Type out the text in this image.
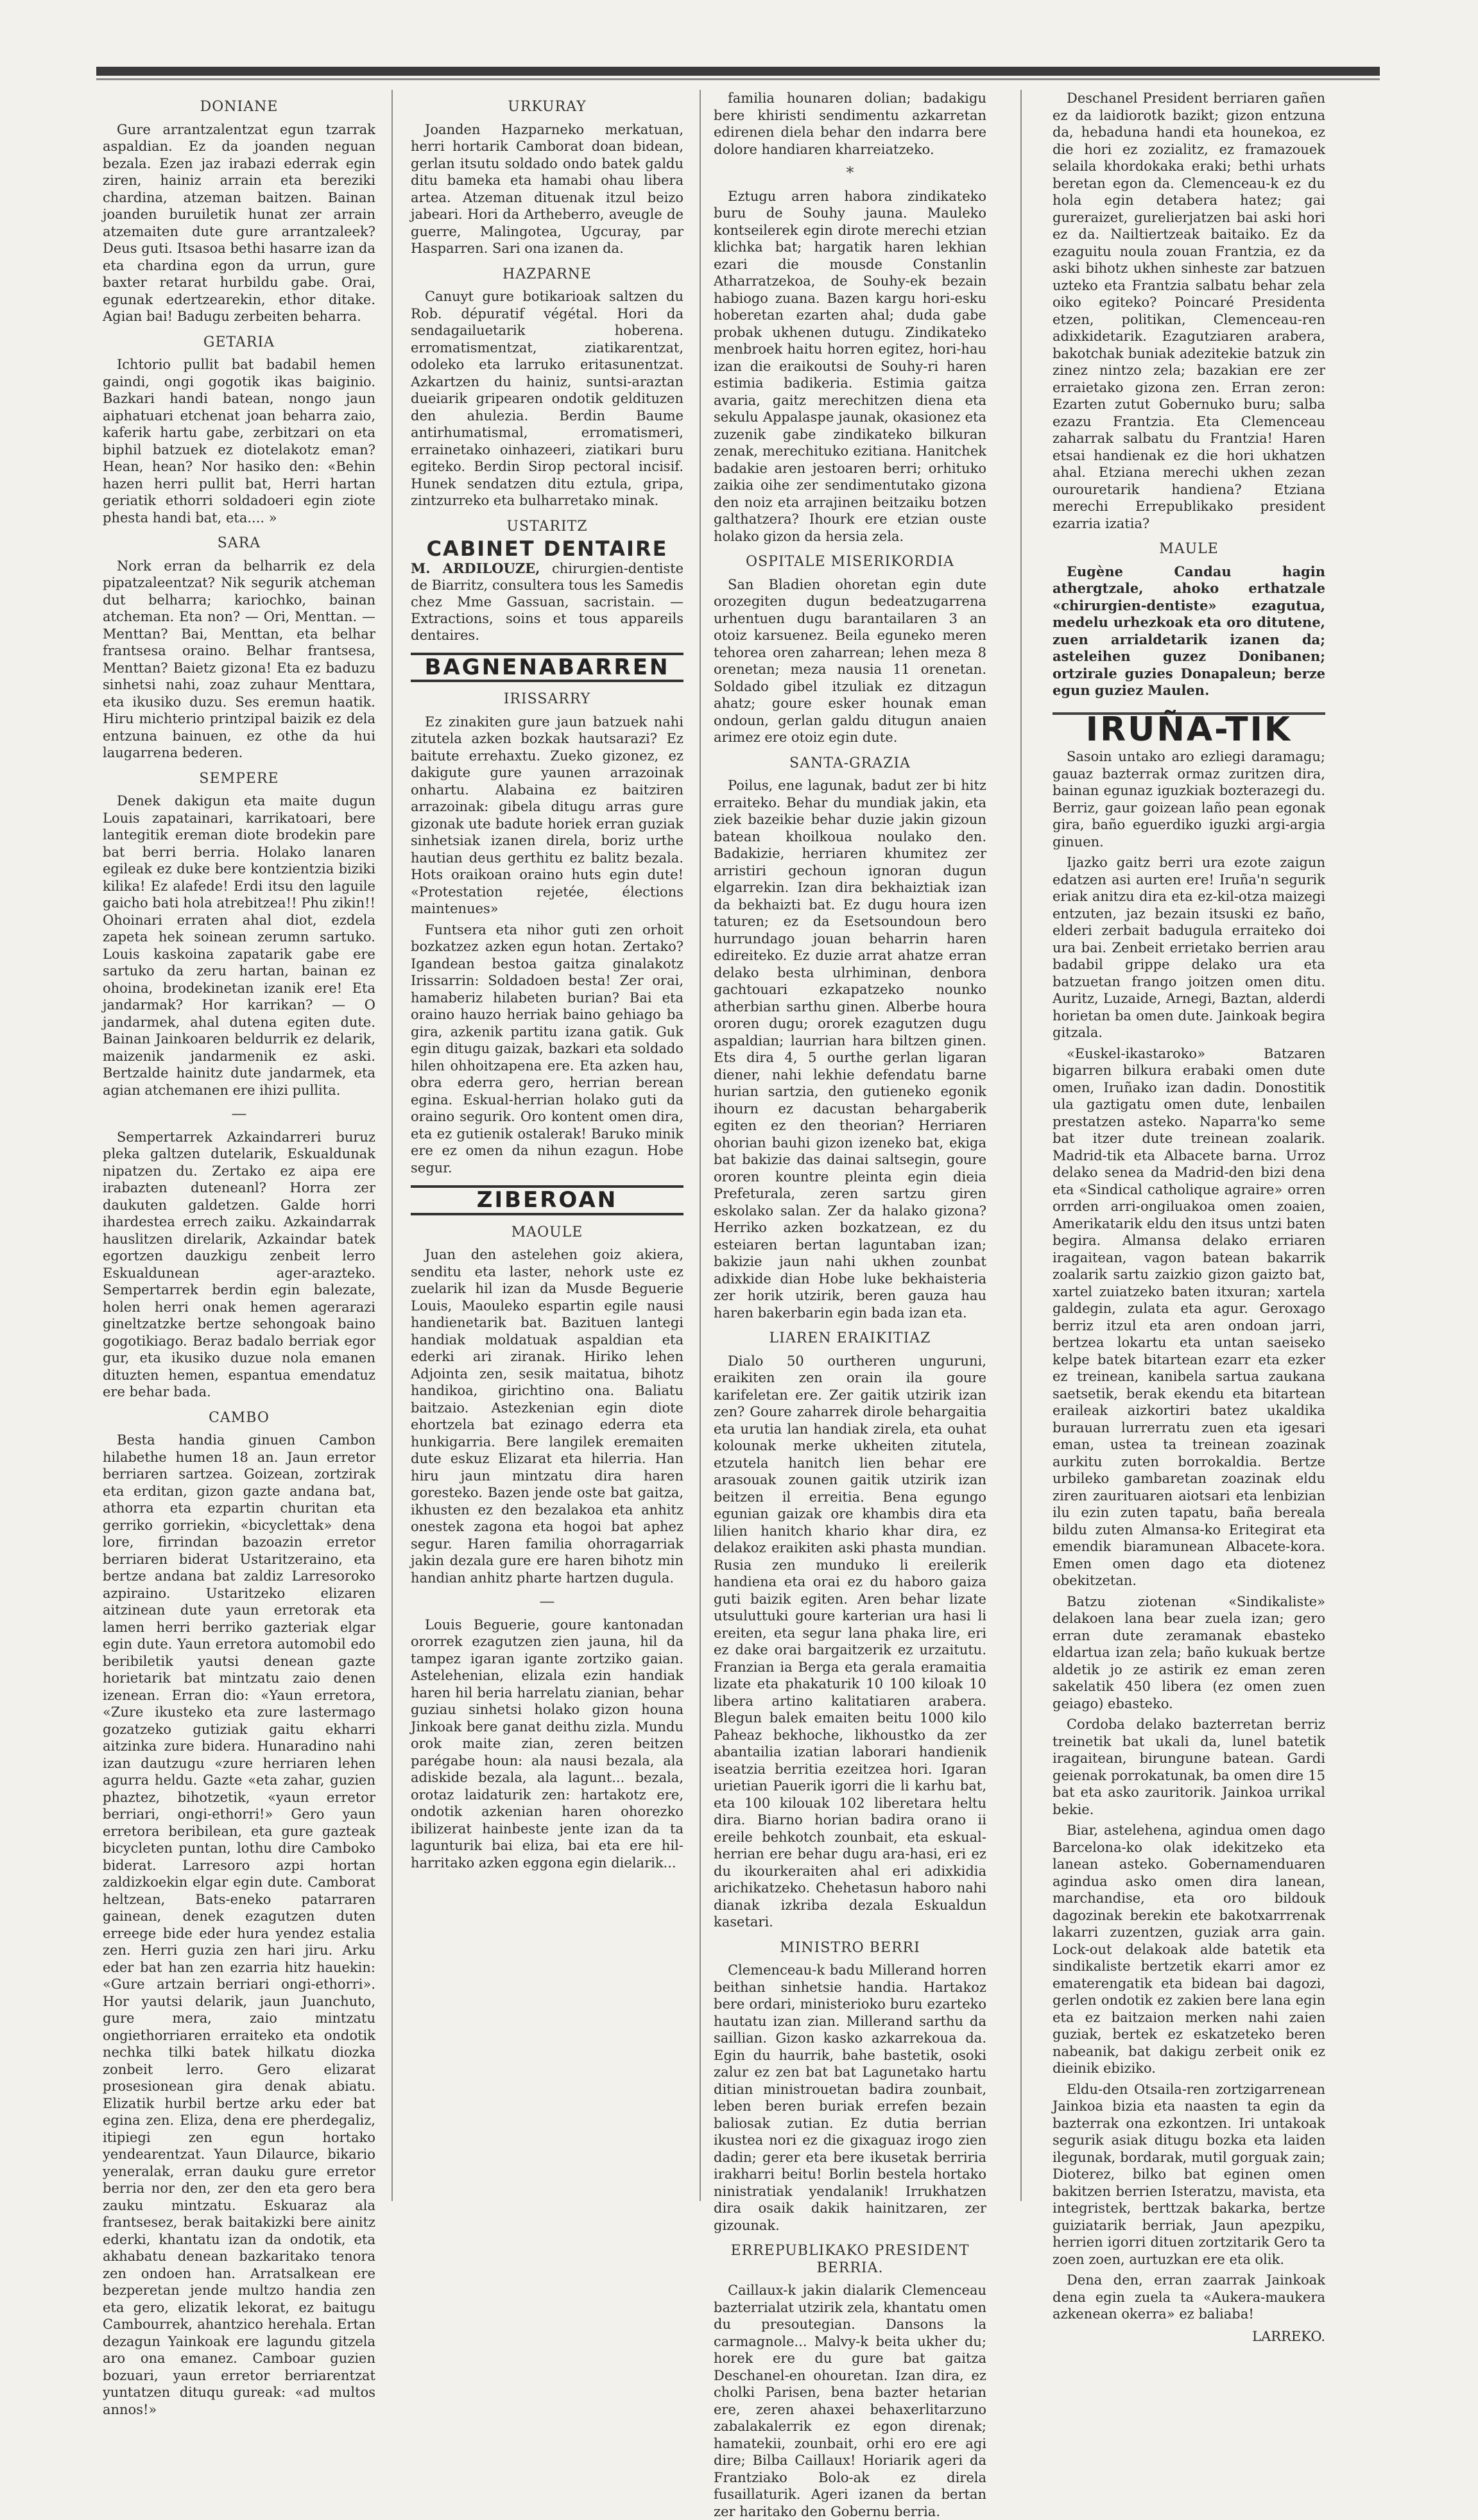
DONIANE
Gure arrantzalentzat egun tzarrak aspaldian. Ez da joanden neguan bezala. Ezen jaz irabazi ederrak egin ziren, hainiz arrain eta bereziki chardina, atzeman baitzen. Bainan joanden buruiletik hunat zer arrain atzemaiten dute gure arrantzaleek? Deus guti. Itsasoa bethi hasarre izan da eta chardina egon da urrun, gure baxter retarat hurbildu gabe. Orai, egunak edertzearekin, ethor ditake. Agian bai! Badugu zerbeiten beharra.
GETARIA
Ichtorio pullit bat badabil hemen gaindi, ongi gogotik ikas baiginio. Bazkari handi batean, nongo jaun aiphatuari etchenat joan beharra zaio, kaferik hartu gabe, zerbitzari on eta biphil batzuek ez diotelakotz eman? Hean, hean? Nor hasiko den: «Behin hazen herri pullit bat, Herri hartan geriatik ethorri soldadoeri egin ziote phesta handi bat, eta.... »
SARA
Nork erran da belharrik ez dela pipatzaleentzat? Nik segurik atcheman dut belharra; kariochko, bainan atcheman. Eta non? — Ori, Menttan. — Menttan? Bai, Menttan, eta belhar frantsesa oraino. Belhar frantsesa, Menttan? Baietz gizona! Eta ez baduzu sinhetsi nahi, zoaz zuhaur Menttara, eta ikusiko duzu. Ses eremun haatik. Hiru michterio printzipal baizik ez dela entzuna bainuen, ez othe da hui laugarrena bederen.
SEMPERE
Denek dakigun eta maite dugun Louis zapatainari, karrikatoari, bere lantegitik ereman diote brodekin pare bat berri berria. Holako lanaren egileak ez duke bere kontzientzia biziki kilika! Ez alafede! Erdi itsu den laguile gaicho bati hola atrebitzea!! Phu zikin!! Ohoinari erraten ahal diot, ezdela zapeta hek soinean zerumn sartuko. Louis kaskoina zapatarik gabe ere sartuko da zeru hartan, bainan ez ohoina, brodekinetan izanik ere! Eta jandarmak? Hor karrikan? — O jandarmek, ahal dutena egiten dute. Bainan Jainkoaren beldurrik ez delarik, maizenik jandarmenik ez aski. Bertzalde hainitz dute jandarmek, eta agian atchemanen ere ihizi pullita.
—
Sempertarrek Azkaindarreri buruz pleka galtzen dutelarik, Eskualdunak nipatzen du. Zertako ez aipa ere irabazten duteneanl? Horra zer daukuten galdetzen. Galde horri ihardestea errech zaiku. Azkaindarrak hauslitzen direlarik, Azkaindar batek egortzen dauzkigu zenbeit lerro Eskualdunean ager-arazteko. Sempertarrek berdin egin balezate, holen herri onak hemen agerarazi gineltzatzke bertze sehongoak baino gogotikiago. Beraz badalo berriak egor gur, eta ikusiko duzue nola emanen dituzten hemen, espantua emendatuz ere behar bada.
CAMBO
Besta handia ginuen Cambon hilabethe humen 18 an. Jaun erretor berriaren sartzea. Goizean, zortzirak eta erditan, gizon gazte andana bat, athorra eta ezpartin churitan eta gerriko gorriekin, «bicyclettak» dena lore, firrindan bazoazin erretor berriaren biderat Ustaritzeraino, eta bertze andana bat zaldiz Larresoroko azpiraino. Ustaritzeko elizaren aitzinean dute yaun erretorak eta lamen herri berriko gazteriak elgar egin dute. Yaun erretora automobil edo beribiletik yautsi denean gazte horietarik bat mintzatu zaio denen izenean. Erran dio: «Yaun erretora, «Zure ikusteko eta zure lastermago gozatzeko gutiziak gaitu ekharri aitzinka zure bidera. Hunaradino nahi izan dautzugu «zure herriaren lehen agurra heldu. Gazte «eta zahar, guzien phaztez, bihotzetik, «yaun erretor berriari, ongi-ethorri!» Gero yaun erretora beribilean, eta gure gazteak bicycleten puntan, lothu dire Camboko biderat. Larresoro azpi hortan zaldizkoekin elgar egin dute. Camborat heltzean, Bats-eneko patarraren gainean, denek ezagutzen duten erreege bide eder hura yendez estalia zen. Herri guzia zen hari jiru. Arku eder bat han zen ezarria hitz hauekin: «Gure artzain berriari ongi-ethorri». Hor yautsi delarik, jaun Juanchuto, gure mera, zaio mintzatu ongiethorriaren erraiteko eta ondotik nechka tilki batek hilkatu diozka zonbeit lerro. Gero elizarat prosesionean gira denak abiatu. Elizatik hurbil bertze arku eder bat egina zen. Eliza, dena ere pherdegaliz, itipiegi zen egun hortako yendearentzat. Yaun Dilaurce, bikario yeneralak, erran dauku gure erretor berria nor den, zer den eta gero bera zauku mintzatu. Eskuaraz ala frantsesez, berak baitakizki bere ainitz ederki, khantatu izan da ondotik, eta akhabatu denean bazkaritako tenora zen ondoen han. Arratsalkean ere bezperetan jende multzo handia zen eta gero, elizatik lekorat, ez baitugu Cambourrek, ahantzico herehala. Ertan dezagun Yainkoak ere lagundu gitzela aro ona emanez. Camboar guzien bozuari, yaun erretor berriarentzat yuntatzen dituqu gureak: «ad multos annos!»
URKURAY
Joanden Hazparneko merkatuan, herri hortarik Camborat doan bidean, gerlan itsutu soldado ondo batek galdu ditu bameka eta hamabi ohau libera artea. Atzeman dituenak itzul beizo jabeari. Hori da Artheberro, aveugle de guerre, Malingotea, Ugcuray, par Hasparren. Sari ona izanen da.
HAZPARNE
Canuyt gure botikarioak saltzen du Rob. dépuratif végétal. Hori da sendagailuetarik hoberena. erromatismentzat, ziatikarentzat, odoleko eta larruko eritasunentzat. Azkartzen du hainiz, suntsi-araztan dueiarik gripearen ondotik geldituzen den ahulezia. Berdin Baume antirhumatismal, erromatismeri, errainetako oinhazeeri, ziatikari buru egiteko. Berdin Sirop pectoral incisif. Hunek sendatzen ditu eztula, gripa, zintzurreko eta bulharretako minak.
USTARITZ
CABINET DENTAIRE
M. ARDILOUZE, chirurgien-dentiste de Biarritz, consultera tous les Samedis chez Mme Gassuan, sacristain. — Extractions, soins et tous appareils dentaires.
BAGNENABARREN
IRISSARRY
Ez zinakiten gure jaun batzuek nahi zitutela azken bozkak hautsarazi? Ez baitute errehaxtu. Zueko gizonez, ez dakigute gure yaunen arrazoinak onhartu. Alabaina ez baitziren arrazoinak: gibela ditugu arras gure gizonak ute badute horiek erran guziak sinhetsiak izanen direla, boriz urthe hautian deus gerthitu ez balitz bezala. Hots oraikoan oraino huts egin dute! «Protestation rejetée, élections maintenues»
Funtsera eta nihor guti zen orhoit bozkatzez azken egun hotan. Zertako? Igandean bestoa gaitza ginalakotz Irissarrin: Soldadoen besta! Zer orai, hamaberiz hilabeten burian? Bai eta oraino hauzo herriak baino gehiago ba gira, azkenik partitu izana gatik. Guk egin ditugu gaizak, bazkari eta soldado hilen ohhoitzapena ere. Eta azken hau, obra ederra gero, herrian berean egina. Eskual-herrian holako guti da oraino segurik. Oro kontent omen dira, eta ez gutienik ostalerak! Baruko minik ere ez omen da nihun ezagun. Hobe segur.
ZIBEROAN
MAOULE
Juan den astelehen goiz akiera, senditu eta laster, nehork uste ez zuelarik hil izan da Musde Beguerie Louis, Maouleko espartin egile nausi handienetarik bat. Bazituen lantegi handiak moldatuak aspaldian eta ederki ari ziranak. Hiriko lehen Adjointa zen, sesik maitatua, bihotz handikoa, girichtino ona. Baliatu baitzaio. Astezkenian egin diote ehortzela bat ezinago ederra eta hunkigarria. Bere langilek eremaiten dute eskuz Elizarat eta hilerria. Han hiru jaun mintzatu dira haren goresteko. Bazen jende oste bat gaitza, ikhusten ez den bezalakoa eta anhitz onestek zagona eta hogoi bat aphez segur. Haren familia ohorragarriak jakin dezala gure ere haren bihotz min handian anhitz pharte hartzen dugula.
—
Louis Beguerie, goure kantonadan ororrek ezagutzen zien jauna, hil da tampez igaran igante zortziko gaian. Astelehenian, elizala ezin handiak haren hil beria harrelatu zianian, behar guziau sinhetsi holako gizon houna Jinkoak bere ganat deithu zizla. Mundu orok maite zian, zeren beitzen parégabe houn: ala nausi bezala, ala adiskide bezala, ala lagunt... bezala, orotaz laidaturik zen: hartakotz ere, ondotik azkenian haren ohorezko ibilizerat hainbeste jente izan da ta lagunturik bai eliza, bai eta ere hil-harritako azken eggona egin dielarik...
familia hounaren dolian; badakigu bere khiristi sendimentu azkarretan edirenen diela behar den indarra bere dolore handiaren kharreiatzeko.
*
Eztugu arren habora zindikateko buru de Souhy jauna. Mauleko kontseilerek egin dirote merechi etzian klichka bat; hargatik haren lekhian ezari die mousde Constanlin Atharratzekoa, de Souhy-ek bezain habiogo zuana. Bazen kargu hori-esku hoberetan ezarten ahal; duda gabe probak ukhenen dutugu. Zindikateko menbroek haitu horren egitez, hori-hau izan die eraikoutsi de Souhy-ri haren estimia badikeria. Estimia gaitza avaria, gaitz merechitzen diena eta sekulu Appalaspe jaunak, okasionez eta zuzenik gabe zindikateko bilkuran zenak, merechituko ezitiana. Hanitchek badakie aren jestoaren berri; orhituko zaikia oihe zer sendimentutako gizona den noiz eta arrajinen beitzaiku botzen galthatzera? Ihourk ere etzian ouste holako gizon da hersia zela.
OSPITALE MISERIKORDIA
San Bladien ohoretan egin dute orozegiten dugun bedeatzugarrena urhentuen dugu barantailaren 3 an otoiz karsuenez. Beila egunekо meren tehorea oren zaharrean; lehen meza 8 orenetan; meza nausia 11 orenetan. Soldado gibel itzuliak ez ditzagun ahatz; goure esker hounak eman ondoun, gerlan galdu ditugun anaien arimez ere otoiz egin dute.
SANTA-GRAZIA
Poilus, ene lagunak, badut zer bi hitz erraiteko. Behar du mundiak jakin, eta ziek bazeikie behar duzie jakin gizoun batean khoilkoua noulako den. Badakizie, herriaren khumitez zer arristiri gechoun ignoran dugun elgarrekin. Izan dira bekhaiztiak izan da bekhaizti bat. Ez dugu houra izen taturen; ez da Esetsoundoun bero hurrundago jouan beharrin haren edireiteko. Ez duzie arrat ahatze erran delako besta ulrhiminan, denbora gachtouari ezkapatzeko nounko atherbian sarthu ginen. Alberbe houra ororen dugu; ororek ezagutzen dugu aspaldian; laurrian hara biltzen ginen. Ets dira 4, 5 ourthe gerlan ligaran diener, nahi lekhie defendatu barne hurian sartzia, den gutienekо egonik ihourn ez dacustan behargaberik egiten ez den theorian? Herriaren ohorian bauhi gizon izeneko bat, ekiga bat bakizie das dainai saltsegin, goure ororen kountre pleinta egin dieia Prefeturala, zeren sartzu giren eskolako salan. Zer da halako gizona? Herriko azken bozkatzean, ez du esteiaren bertan laguntaban izan; bakizie jaun nahi ukhen zounbat adixkide dian Hobe luke bekhaisteria zer horik utzirik, beren gauza hau haren bakerbarin egin bada izan eta.
LIAREN ERAIKITIAZ
Dialo 50 ourtheren unguruni, eraikiten zen orain ila goure karifeletan ere. Zer gaitik utzirik izan zen? Goure zaharrek dirole behargaitia eta urutia lan handiak zirela, eta ouhat kolounak merke ukheiten zitutela, etzutela hanitch lien behar ere arasouak zounen gaitik utzirik izan beitzen il erreitia. Bena egungo egunian gaizak ore khambis dira eta lilien hanitch khario khar dira, ez delakoz eraikiten aski phasta mundian. Rusia zen munduko li ereilerik handiena eta orai ez du haboro gaiza guti baizik egiten. Aren behar lizate utsuluttuki goure karterian ura hasi li ereiten, eta segur lana phaka lire, eri ez dake orai bargaitzerik ez urzaitutu. Franzian ia Berga eta gerala eramaitia lizate eta phakaturik 10 100 kiloak 10 libera artino kalitatiaren arabera. Blegun balek emaiten beitu 1000 kilo Paheaz bekhoche, likhoustko da zer abantailia izatian laborari handienik iseatzia berritia ezeitzea hori. Igaran urietian Pauerik igorri die li karhu bat, eta 100 kilouak 102 liberetara heltu dira. Biarno horian badira orano ii ereile behkotch zounbait, eta eskual-herrian ere behar dugu ara-hasi, eri ez du ikourkeraiten ahal eri adixkidia arichikatzeko. Chehetasun haboro nahi dianak izkriba dezala Eskualdun kasetari.
MINISTRO BERRI
Clemenceau-k badu Millerand horren beithan sinhetsie handia. Hartakoz bere ordari, ministerioko buru ezarteko hautatu izan zian. Millerand sarthu da saillian. Gizon kasko azkarrekoua da. Egin du haurrik, bahe bastetik, osoki zalur ez zen bat bat Lagunetako hartu ditian ministrouetan badira zounbait, leben beren buriak errefen bezain baliosak zutian. Ez dutia berrian ikustea nori ez die gixaguaz irogo zien dadin; gerer eta bere ikusetak berriria irakharri beitu! Borlin bestela hortako ninistratiak yendalanik! Irrukhatzen dira osaik dakik hainitzaren, zer gizounak.
ERREPUBLIKAKO PRESIDENT BERRIA.
Caillaux-k jakin dialarik Clemenceau bazterrialat utzirik zela, khantatu omen du presoutegian. Dansons la carmagnole... Malvy-k beita ukher du; horek ere du gure bat gaitza Deschanel-en ohouretan. Izan dira, ez cholki Parisen, bena bazter hetarian ere, zeren ahaxei behaxerlitarzuno zabalakalerrik ez egon direnak; hamatekii, zounbait, orhi ero ere agi dire; Bilba Caillaux! Horiarik ageri da Frantziako Bolo-ak ez direla fusaillaturik. Ageri izanen da bertan zer haritako den Gobernu berria.
Deschanel President berriaren gañen ez da laidiorotk bazikt; gizon entzuna da, hebaduna handi eta hounekoa, ez die hori ez zozialitz, ez framazouek selaila khordokaka eraki; bethi urhats beretan egon da. Clemenceau-k ez du hola egin detabera hatez; gai gureraizet, gurelierjatzen bai aski hori ez da. Nailtiertzeak baitaiko. Ez da ezaguitu noula zouan Frantzia, ez da aski bihotz ukhen sinheste zar batzuen uzteko eta Frantzia salbatu behar zela oiko egiteko? Poincaré Presidenta etzen, politikan, Clemenceau-ren adixkidetarik. Ezagutziaren arabera, bakotchak buniak adezitekie batzuk zin zinez nintzo zela; bazakian ere zer erraietako gizona zen. Erran zeron: Ezarten zutut Gobernuko buru; salba ezazu Frantzia. Eta Clemenceau zaharrak salbatu du Frantzia! Haren etsai handienak ez die hori ukhatzen ahal. Etziana merechi ukhen zezan ourouretarik handiena? Etziana merechi Errepublikako president ezarria izatia?
MAULE
Eugène Candau hagin athergtzale, ahoko erthatzale «chirurgien-dentiste» ezagutua, medelu urhezkoak eta oro ditutene, zuen arrialdetarik izanen da; asteleihen guzez Donibanen; ortzirale guzies Donapaleun; berze egun guziez Maulen.
IRUÑA-TIK
Sasoin untako aro ezliegi daramagu; gauaz bazterrak ormaz zuritzen dira, bainan egunaz iguzkiak bozterazegi du. Berriz, gaur goizean laño pean egonak gira, baño eguerdiko iguzki argi-argia ginuen.
Ijazko gaitz berri ura ezote zaigun edatzen asi aurten ere! Iruña'n segurik eriak anitzu dira eta ez-kil-otza maizegi entzuten, jaz bezain itsuski ez baño, elderi zerbait badugula erraiteko doi ura bai. Zenbeit errietako berrien arau badabil grippe delako ura eta batzuetan frango joitzen omen ditu. Auritz, Luzaide, Arnegi, Baztan, alderdi horietan ba omen dute. Jainkoak begira gitzala.
«Euskel-ikastaroko» Batzaren bigarren bilkura erabaki omen dute omen, Iruñako izan dadin. Donostitik ula gaztigatu omen dute, lenbailen prestatzen asteko. Naparra'ko seme bat itzer dute treinean zoalarik. Madrid-tik eta Albacete barna. Urroz delako senea da Madrid-den bizi dena eta «Sindical catholique agraire» orren orrden arri-ongiluakoa omen zoaien, Amerikatarik eldu den itsus untzi baten begira. Almansa delako erriaren iragaitean, vagon batean bakarrik zoalarik sartu zaizkio gizon gaizto bat, xartel zuiatzeko baten itxuran; xartela galdegin, zulata eta agur. Geroxago berriz itzul eta aren ondoan jarri, bertzea lokartu eta untan saeiseko kelpe batek bitartean ezarr eta ezker ez treinean, kanibela sartua zaukana saetsetik, berak ekendu eta bitartean eraileak aizkortiri batez ukaldika burauan lurrerratu zuen eta igesari eman, ustea ta treinean zoazinak aurkitu zuten borrokaldia. Bertze urbileko gambaretan zoazinak eldu ziren zaurituaren aiotsari eta lenbizian ilu ezin zuten tapatu, baña bereala bildu zuten Almansa-ko Eritegirat eta emendik biaramunean Albacete-kora. Emen omen dago eta diotenez obekitzetan.
Batzu ziotenan «Sindikaliste» delakoen lana bear zuela izan; gero erran dute zeramanak ebasteko eldartua izan zela; baño kukuak bertze aldetik jo ze astirik ez eman zeren sakelatik 450 libera (ez omen zuen geiago) ebasteko.
Cordoba delako bazterretan berriz treinetik bat ukali da, lunel batetik iragaitean, birungune batean. Gardi geienak porrokatunak, ba omen dire 15 bat eta asko zauritorik. Jainkoa urrikal bekie.
Biar, astelehena, agindua omen dago Barcelona-ko olak idekitzeko eta lanean asteko. Gobernamenduaren agindua asko omen dira lanean, marchandise, eta oro bildouk dagozinak berekin ete bakotxarrrenak lakarri zuzentzen, guziak arra gain. Lock-out delakoak alde batetik eta sindikaliste bertzetik ekarri amor ez ematerengatik eta bidean bai dagozi, gerlen ondotik ez zakien bere lana egin eta ez baitzaion merken nahi zaien guziak, bertek ez eskatzeteko beren nabeanik, bat dakigu zerbeit onik ez dieinik ebiziko.
Eldu-den Otsaila-ren zortzigarrenean Jainkoa bizia eta naasten ta egin da bazterrak ona ezkontzen. Iri untakoak segurik asiak ditugu bozka eta laiden ilegunak, bordarak, mutil gorguak zain; Dioterez, bilko bat eginen omen bakitzen berrien Isteratzu, mavista, eta integristek, berttzak bakarka, bertze guiziatarik berriak, Jaun apezpiku, herrien igorri dituen zortzitarik Gero ta zoen zoen, aurtuzkan ere eta olik.
Dena den, erran zaarrak Jainkoak dena egin zuela ta «Aukera-maukera azkenean okerra» ez baliaba!
LARREKO.
